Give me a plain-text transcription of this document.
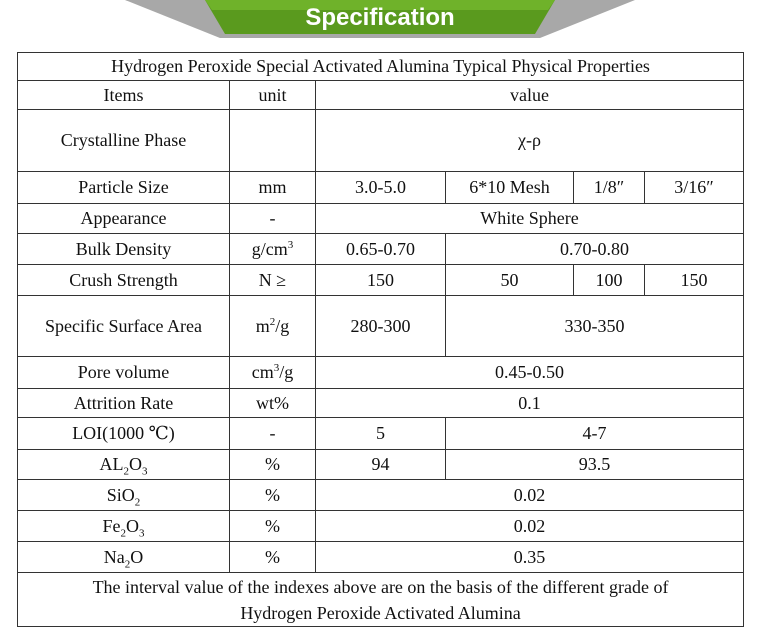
Specification
Hydrogen Peroxide Special Activated Alumina Typical Physical Properties					
Items	unit	value			
Crystalline Phase		χ-ρ			
Particle Size	mm	3.0-5.0	6*10 Mesh	1/8″	3/16″
Appearance	-	White Sphere			
Bulk Density	$g/cm^3$	0.65-0.70	0.70-0.80		
Crush Strength	N ≥	150	50	100	150
Specific Surface Area	$m^2/g$	280-300	330-350		
Pore volume	$cm^3/g$	0.45-0.50			
Attrition Rate	wt%	0.1			
LOI(1000 ℃)	-	5	4-7		
$AL_2O_3$	%	94	93.5		
SiO$_2$	%	0.02			
$Fe_2O_3$	%	0.02			
$Na_2O$	%	0.35			

The interval value of the indexes above are on the basis of the different grade of
Hydrogen Peroxide Activated Alumina					
